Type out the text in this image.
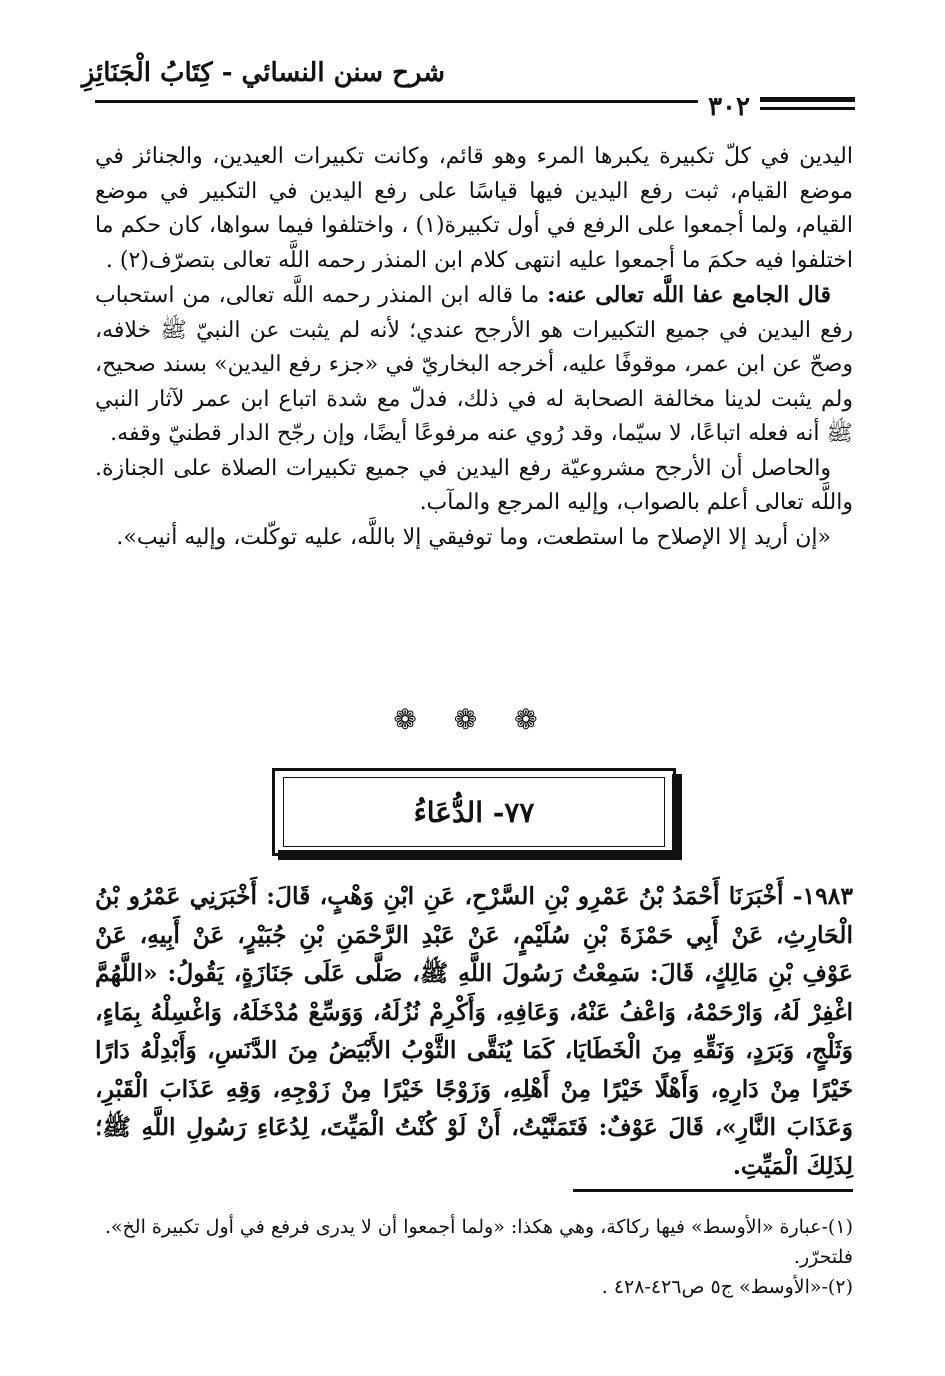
شرح سنن النسائي - كِتَابُ الْجَنَائِزِ
٣٠٢

اليدين في كلّ تكبيرة يكبرها المرء وهو قائم، وكانت تكبيرات العيدين، والجنائز في موضع القيام، ثبت رفع اليدين فيها قياسًا على رفع اليدين في التكبير في موضع القيام، ولما أجمعوا على الرفع في أول تكبيرة(١) ، واختلفوا فيما سواها، كان حكم ما اختلفوا فيه حكمَ ما أجمعوا عليه انتهى كلام ابن المنذر رحمه اللَّه تعالى بتصرّف(٢) .

قال الجامع عفا اللَّه تعالى عنه: ما قاله ابن المنذر رحمه اللَّه تعالى، من استحباب رفع اليدين في جميع التكبيرات هو الأرجح عندي؛ لأنه لم يثبت عن النبيّ ﷺ خلافه، وصحّ عن ابن عمر، موقوفًا عليه، أخرجه البخاريّ في «جزء رفع اليدين» بسند صحيح، ولم يثبت لدينا مخالفة الصحابة له في ذلك، فدلّ مع شدة اتباع ابن عمر لآثار النبي ﷺ أنه فعله اتباعًا، لا سيّما، وقد رُوي عنه مرفوعًا أيضًا، وإن رجّح الدار قطنيّ وقفه.

والحاصل أن الأرجح مشروعيّة رفع اليدين في جميع تكبيرات الصلاة على الجنازة. واللَّه تعالى أعلم بالصواب، وإليه المرجع والمآب.

«إن أريد إلا الإصلاح ما استطعت، وما توفيقي إلا باللَّه، عليه توكّلت، وإليه أنيب».

❁ ❁ ❁
٧٧- الدُّعَاءُ

١٩٨٣- أَخْبَرَنَا أَحْمَدُ بْنُ عَمْرِو بْنِ السَّرْحِ، عَنِ ابْنِ وَهْبٍ، قَالَ: أَخْبَرَنِي عَمْرُو بْنُ الْحَارِثِ، عَنْ أَبِي حَمْزَةَ بْنِ سُلَيْمٍ، عَنْ عَبْدِ الرَّحْمَنِ بْنِ جُبَيْرٍ، عَنْ أَبِيهِ، عَنْ عَوْفِ بْنِ مَالِكٍ، قَالَ: سَمِعْتُ رَسُولَ اللَّهِ ﷺ، صَلَّى عَلَى جَنَازَةٍ، يَقُولُ: «اللَّهُمَّ اغْفِرْ لَهُ، وَارْحَمْهُ، وَاعْفُ عَنْهُ، وَعَافِهِ، وَأَكْرِمْ نُزُلَهُ، وَوَسِّعْ مُدْخَلَهُ، وَاغْسِلْهُ بِمَاءٍ، وَثَلْجٍ، وَبَرَدٍ، وَنَقِّهِ مِنَ الْخَطَايَا، كَمَا يُنَقَّى الثَّوْبُ الأَبْيَضُ مِنَ الدَّنَسِ، وَأَبْدِلْهُ دَارًا خَيْرًا مِنْ دَارِهِ، وَأَهْلًا خَيْرًا مِنْ أَهْلِهِ، وَزَوْجًا خَيْرًا مِنْ زَوْجِهِ، وَقِهِ عَذَابَ الْقَبْرِ، وَعَذَابَ النَّارِ»، قَالَ عَوْفٌ: فَتَمَنَّيْتُ، أَنْ لَوْ كُنْتُ الْمَيِّتَ، لِدُعَاءِ رَسُولِ اللَّهِ ﷺ؛ لِذَلِكَ الْمَيِّتِ.

(١)-عبارة «الأوسط» فيها ركاكة، وهي هكذا: «ولما أجمعوا أن لا يدرى فرفع في أول تكبيرة الخ». فلتحرّر.

(٢)-«الأوسط» ج٥ ص٤٢٦-٤٢٨ .
